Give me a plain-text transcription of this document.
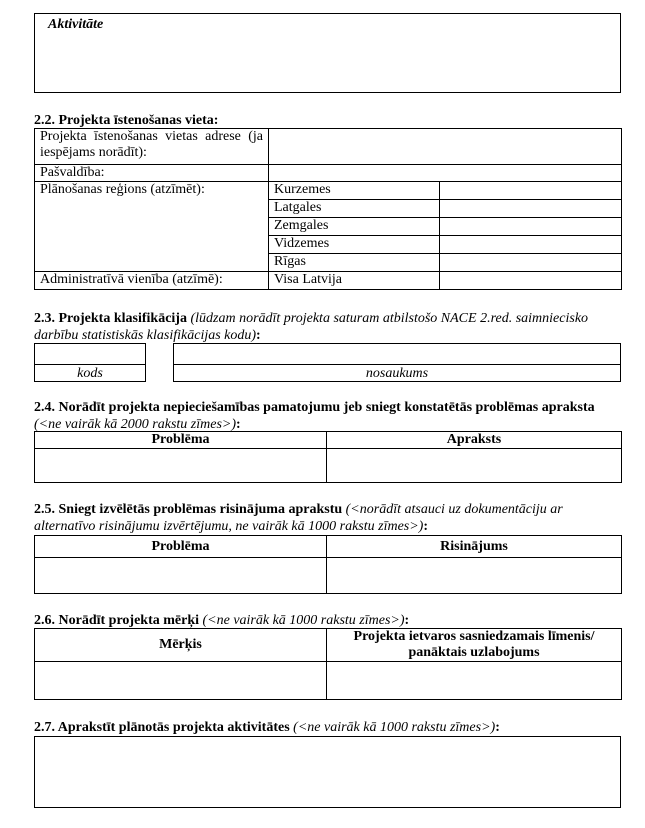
Aktivitāte
2.2. Projekta īstenošanas vieta:
Projekta īstenošanas vietas adrese (ja iespējams norādīt):		
Pašvaldība:		
Plānošanas reģions (atzīmēt):	Kurzemes	
	Latgales	
	Zemgales	
	Vidzemes	
	Rīgas	
Administratīvā vienība (atzīmē):	Visa Latvija	
2.3. Projekta klasifikācija (lūdzam norādīt projekta saturam atbilstošo NACE 2.red. saimniecisko darbību statistiskās klasifikācijas kodu):
kods	nosaukums
2.4. Norādīt projekta nepieciešamības pamatojumu jeb sniegt konstatētās problēmas apraksta (<ne vairāk kā 2000 rakstu zīmes>):
Problēma	Apraksts

2.5. Sniegt izvēlētās problēmas risinājuma aprakstu (<norādīt atsauci uz dokumentāciju ar alternatīvo risinājumu izvērtējumu, ne vairāk kā 1000 rakstu zīmes>):
Problēma	Risinājums

2.6. Norādīt projekta mērķi (<ne vairāk kā 1000 rakstu zīmes>):
Mērķis	Projekta ietvaros sasniedzamais līmenis/ panāktais uzlabojums

2.7. Aprakstīt plānotās projekta aktivitātes (<ne vairāk kā 1000 rakstu zīmes>):
